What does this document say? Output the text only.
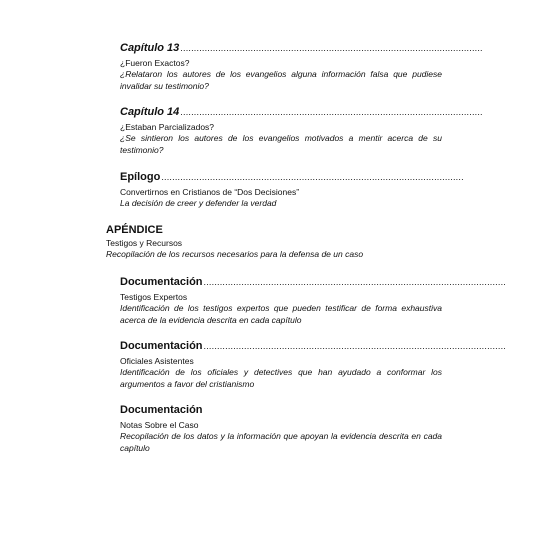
Capítulo 13 ................................................................................................................
¿Fueron Exactos?
¿Relataron los autores de los evangelios alguna información falsa que pudiese invalidar su testimonio?
Capítulo 14 ................................................................................................................
¿Estaban Parcializados?
¿Se sintieron los autores de los evangelios motivados a mentir acerca de su testimonio?
Epílogo ................................................................................................................
Convertirnos en Cristianos de “Dos Decisiones”
La decisión de creer y defender la verdad
APÉNDICE
Testigos y Recursos
Recopilación de los recursos necesarios para la defensa de un caso
Documentación ................................................................................................................
Testigos Expertos
Identificación de los testigos expertos que pueden testificar de forma exhaustiva acerca de la evidencia descrita en cada capítulo
Documentación ................................................................................................................
Oficiales Asistentes
Identificación de los oficiales y detectives que han ayudado a conformar los argumentos a favor del cristianismo
Documentación
Notas Sobre el Caso
Recopilación de los datos y la información que apoyan la evidencia descrita en cada capítulo
